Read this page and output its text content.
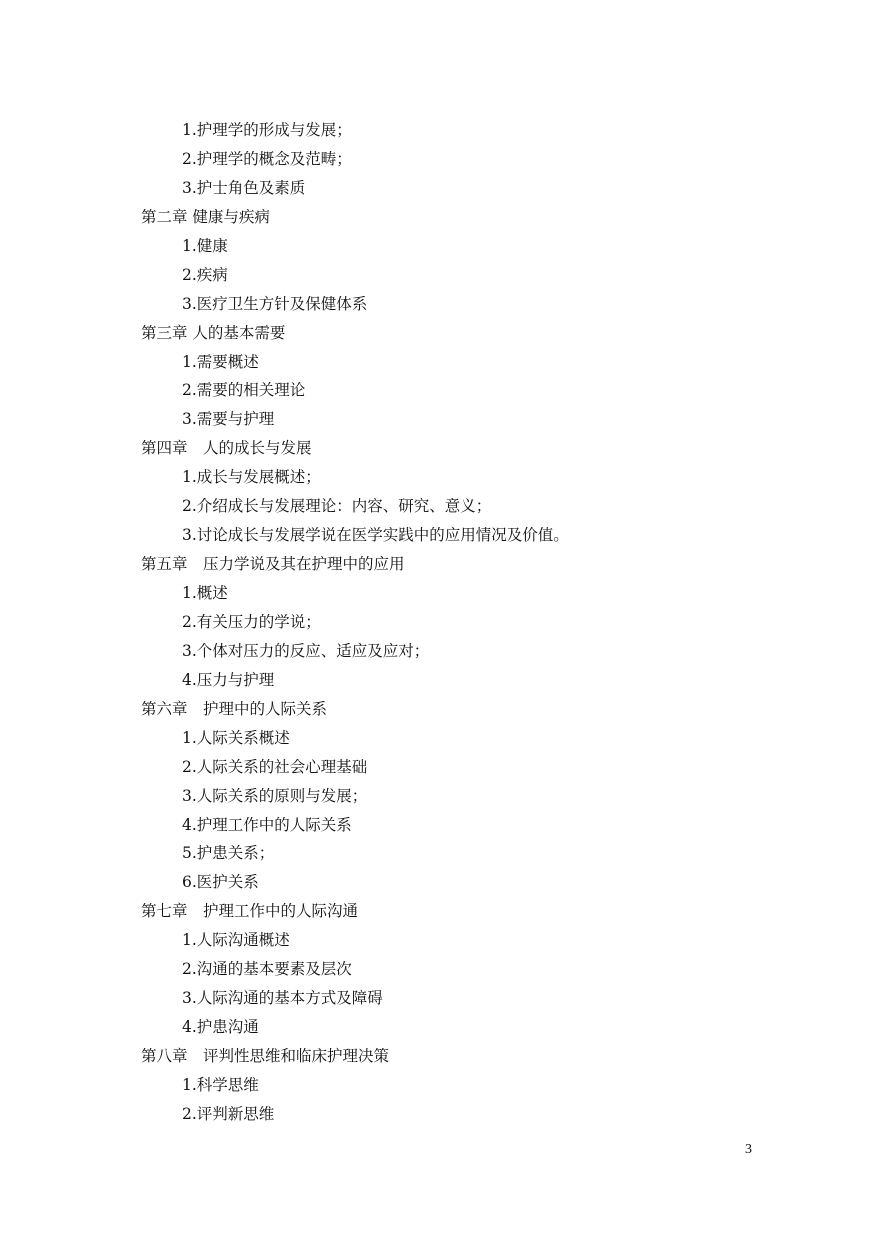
1.护理学的形成与发展；
2.护理学的概念及范畴；
3.护士角色及素质
第二章 健康与疾病
1.健康
2.疾病
3.医疗卫生方针及保健体系
第三章 人的基本需要
1.需要概述
2.需要的相关理论
3.需要与护理
第四章　人的成长与发展
1.成长与发展概述；
2.介绍成长与发展理论：内容、研究、意义；
3.讨论成长与发展学说在医学实践中的应用情况及价值。
第五章　压力学说及其在护理中的应用
1.概述
2.有关压力的学说；
3.个体对压力的反应、适应及应对；
4.压力与护理
第六章　护理中的人际关系
1.人际关系概述
2.人际关系的社会心理基础
3.人际关系的原则与发展；
4.护理工作中的人际关系
5.护患关系；
6.医护关系
第七章　护理工作中的人际沟通
1.人际沟通概述
2.沟通的基本要素及层次
3.人际沟通的基本方式及障碍
4.护患沟通
第八章　评判性思维和临床护理决策
1.科学思维
2.评判新思维
3
